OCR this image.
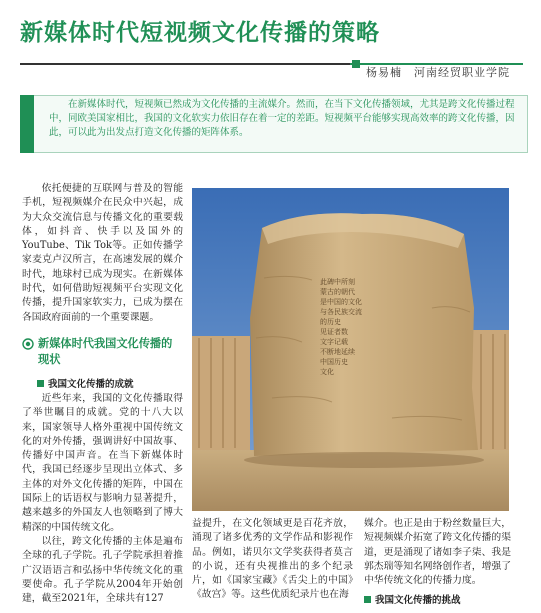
新媒体时代短视频文化传播的策略
杨易楠　河南经贸职业学院

在新媒体时代，短视频已然成为文化传播的主流媒介。然而，在当下文化传播领域，尤其是跨文化传播过程中，同欧美国家相比，我国的文化软实力依旧存在着一定的差距。短视频平台能够实现高效率的跨文化传播，因此，可以此为出发点打造文化传播的矩阵体系。

依托便捷的互联网与普及的智能手机，短视频媒介在民众中兴起，成为大众交流信息与传播文化的重要载体，如抖音、快手以及国外的YouTube、Tik Tok等。正如传播学家麦克卢汉所言，在高速发展的媒介时代，地球村已成为现实。在新媒体时代，如何借助短视频平台实现文化传播，提升国家软实力，已成为摆在各国政府面前的一个重要课题。

新媒体时代我国文化传播的现状
我国文化传播的成就

近些年来，我国的文化传播取得了举世瞩目的成就。党的十八大以来，国家领导人格外重视中国传统文化的对外传播，强调讲好中国故事、传播好中国声音。在当下新媒体时代，我国已经逐步呈现出立体式、多主体的对外文化传播的矩阵，中国在国际上的话语权与影响力显著提升，越来越多的外国友人也领略到了博大精深的中国传统文化。

以往，跨文化传播的主体是遍布全球的孔子学院。孔子学院承担着推广汉语语言和弘扬中华传统文化的重要使命。孔子学院从2004年开始创建，截至2021年，全球共有127

此碑中所刻
蒙古的朝代
是中国的文化
与各民族交流
的历史
见证者数
文字记载
不断地延续
中国历史
文化

益提升，在文化领域更是百花齐放，涌现了诸多优秀的文学作品和影视作品。例如，诺贝尔文学奖获得者莫言的小说，还有央视推出的多个纪录片，如《国家宝藏》《舌尖上的中国》《故宫》等。这些优质纪录片也在海

媒介。也正是由于粉丝数量巨大，短视频媒介拓宽了跨文化传播的渠道，更是涌现了诸如李子柒、我是郭杰瑞等知名网络创作者，增强了中华传统文化的传播力度。

我国文化传播的挑战
